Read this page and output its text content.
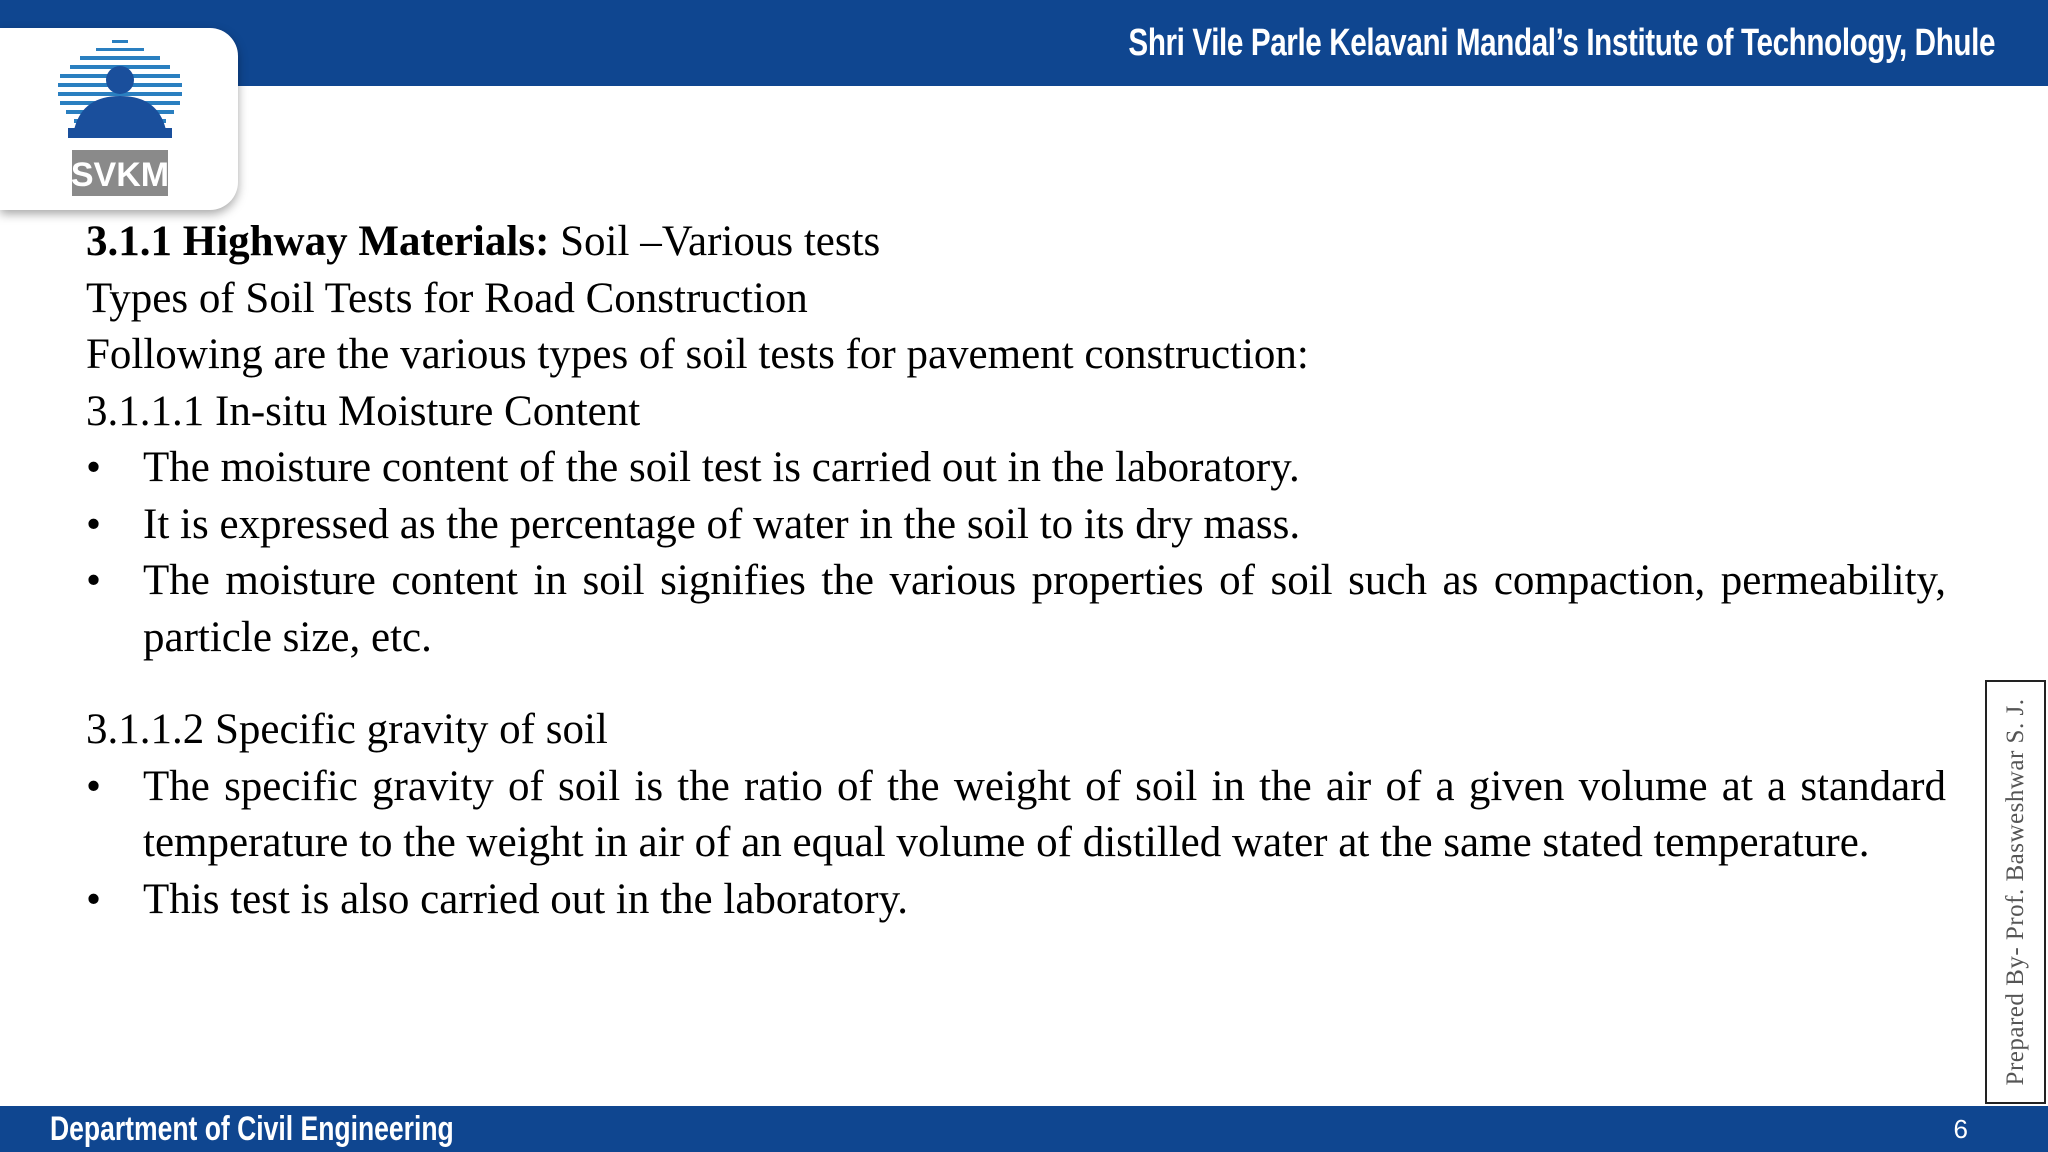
Shri Vile Parle Kelavani Mandal’s Institute of Technology, Dhule
SVKM
3.1.1 Highway Materials: Soil –Various tests
Types of Soil Tests for Road Construction
Following are the various types of soil tests for pavement construction:
3.1.1.1 In-situ Moisture Content
• The moisture content of the soil test is carried out in the laboratory.
• It is expressed as the percentage of water in the soil to its dry mass.
• The moisture content in soil signifies the various properties of soil such as compaction, permeability, particle size, etc.
3.1.1.2 Specific gravity of soil
• The specific gravity of soil is the ratio of the weight of soil in the air of a given volume at a standard temperature to the weight in air of an equal volume of distilled water at the same stated temperature.
• This test is also carried out in the laboratory.	Prepared By- Prof. Basweshwar S. J.
Department of Civil Engineering	6
